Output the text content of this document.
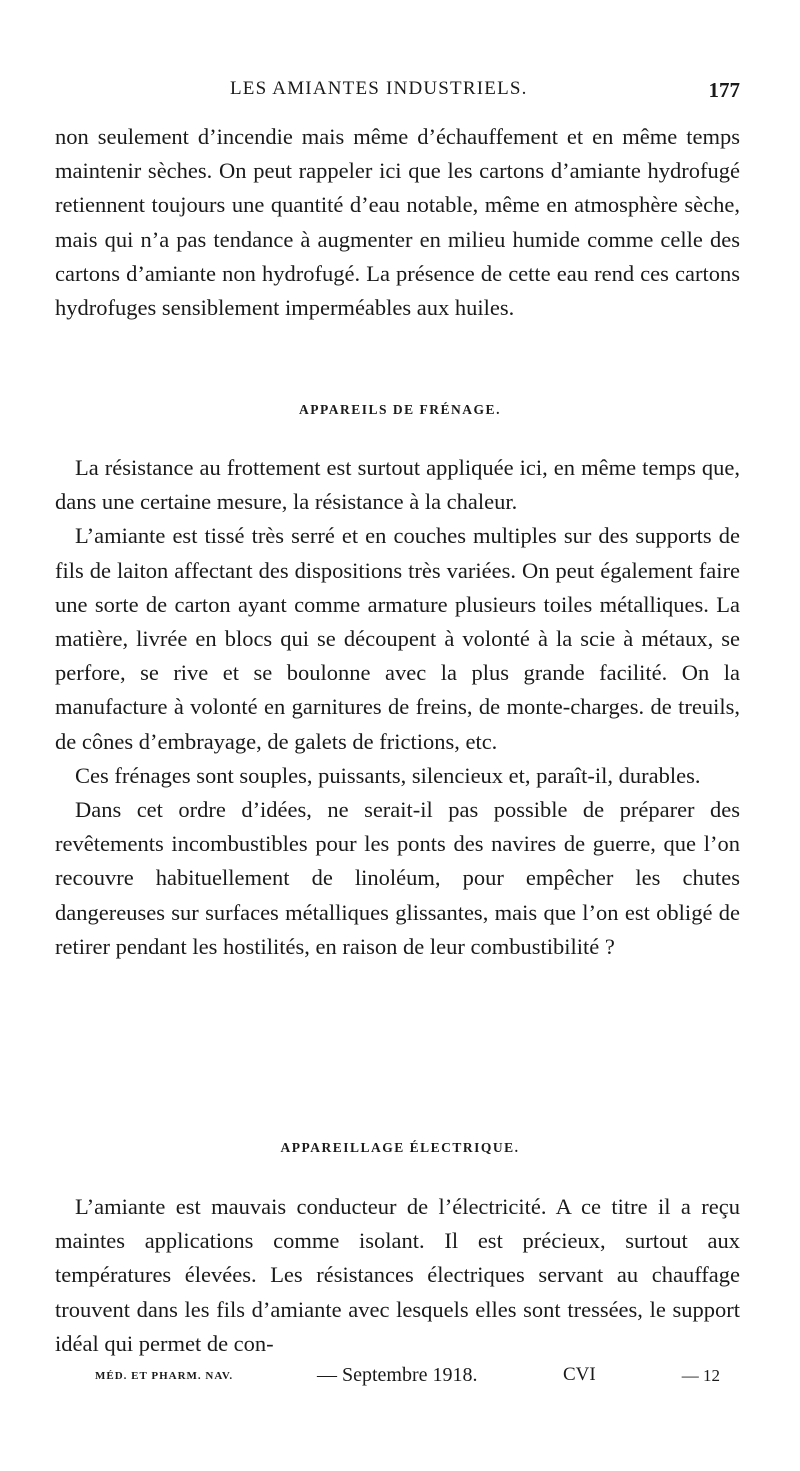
LES AMIANTES INDUSTRIELS.	177

non seulement d’incendie mais même d’échauffement et en même temps maintenir sèches. On peut rappeler ici que les cartons d’amiante hydrofugé retiennent toujours une quantité d’eau notable, même en atmosphère sèche, mais qui n’a pas tendance à augmenter en milieu humide comme celle des cartons d’amiante non hydrofugé. La présence de cette eau rend ces cartons hydrofuges sensiblement imperméables aux huiles.

APPAREILS DE FRÉNAGE.

La résistance au frottement est surtout appliquée ici, en même temps que, dans une certaine mesure, la résistance à la chaleur.

L’amiante est tissé très serré et en couches multiples sur des supports de fils de laiton affectant des dispositions très variées. On peut également faire une sorte de carton ayant comme armature plusieurs toiles métalliques. La matière, livrée en blocs qui se découpent à volonté à la scie à métaux, se perfore, se rive et se boulonne avec la plus grande facilité. On la manufacture à volonté en garnitures de freins, de monte-charges. de treuils, de cônes d’embrayage, de galets de frictions, etc.

Ces frénages sont souples, puissants, silencieux et, paraît-il, durables.

Dans cet ordre d’idées, ne serait-il pas possible de préparer des revêtements incombustibles pour les ponts des navires de guerre, que l’on recouvre habituellement de linoléum, pour empêcher les chutes dangereuses sur surfaces métalliques glissantes, mais que l’on est obligé de retirer pendant les hostilités, en raison de leur combustibilité ?

APPAREILLAGE ÉLECTRIQUE.

L’amiante est mauvais conducteur de l’électricité. A ce titre il a reçu maintes applications comme isolant. Il est précieux, surtout aux températures élevées. Les résistances électriques servant au chauffage trouvent dans les fils d’amiante avec lesquels elles sont tressées, le support idéal qui permet de con-

MÉD. ET PHARM. NAV.	— Septembre 1918.	CVI	— 12
